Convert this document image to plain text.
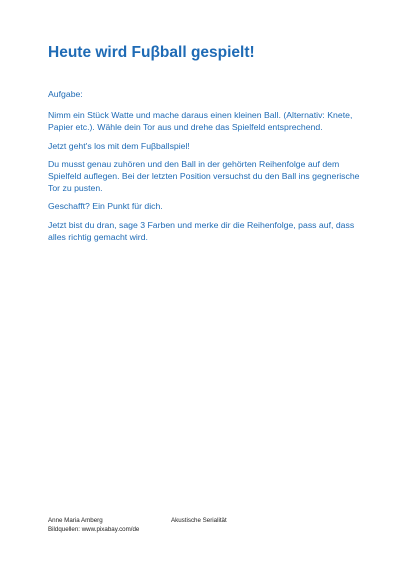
Heute wird Fuβball gespielt!

Aufgabe:

Nimm ein Stück Watte und mache daraus einen kleinen Ball. (Alternativ: Knete, Papier etc.). Wähle dein Tor aus und drehe das Spielfeld entsprechend.

Jetzt geht's los mit dem Fuβballspiel!

Du musst genau zuhören und den Ball in der gehörten Reihenfolge auf dem Spielfeld auflegen. Bei der letzten Position versuchst du den Ball ins gegnerische Tor zu pusten.

Geschafft? Ein Punkt für dich.

Jetzt bist du dran, sage 3 Farben und merke dir die Reihenfolge, pass auf, dass alles richtig gemacht wird.

Anne Maria Amberg
Bildquellen: www.pixabay.com/de
Akustische Serialität
